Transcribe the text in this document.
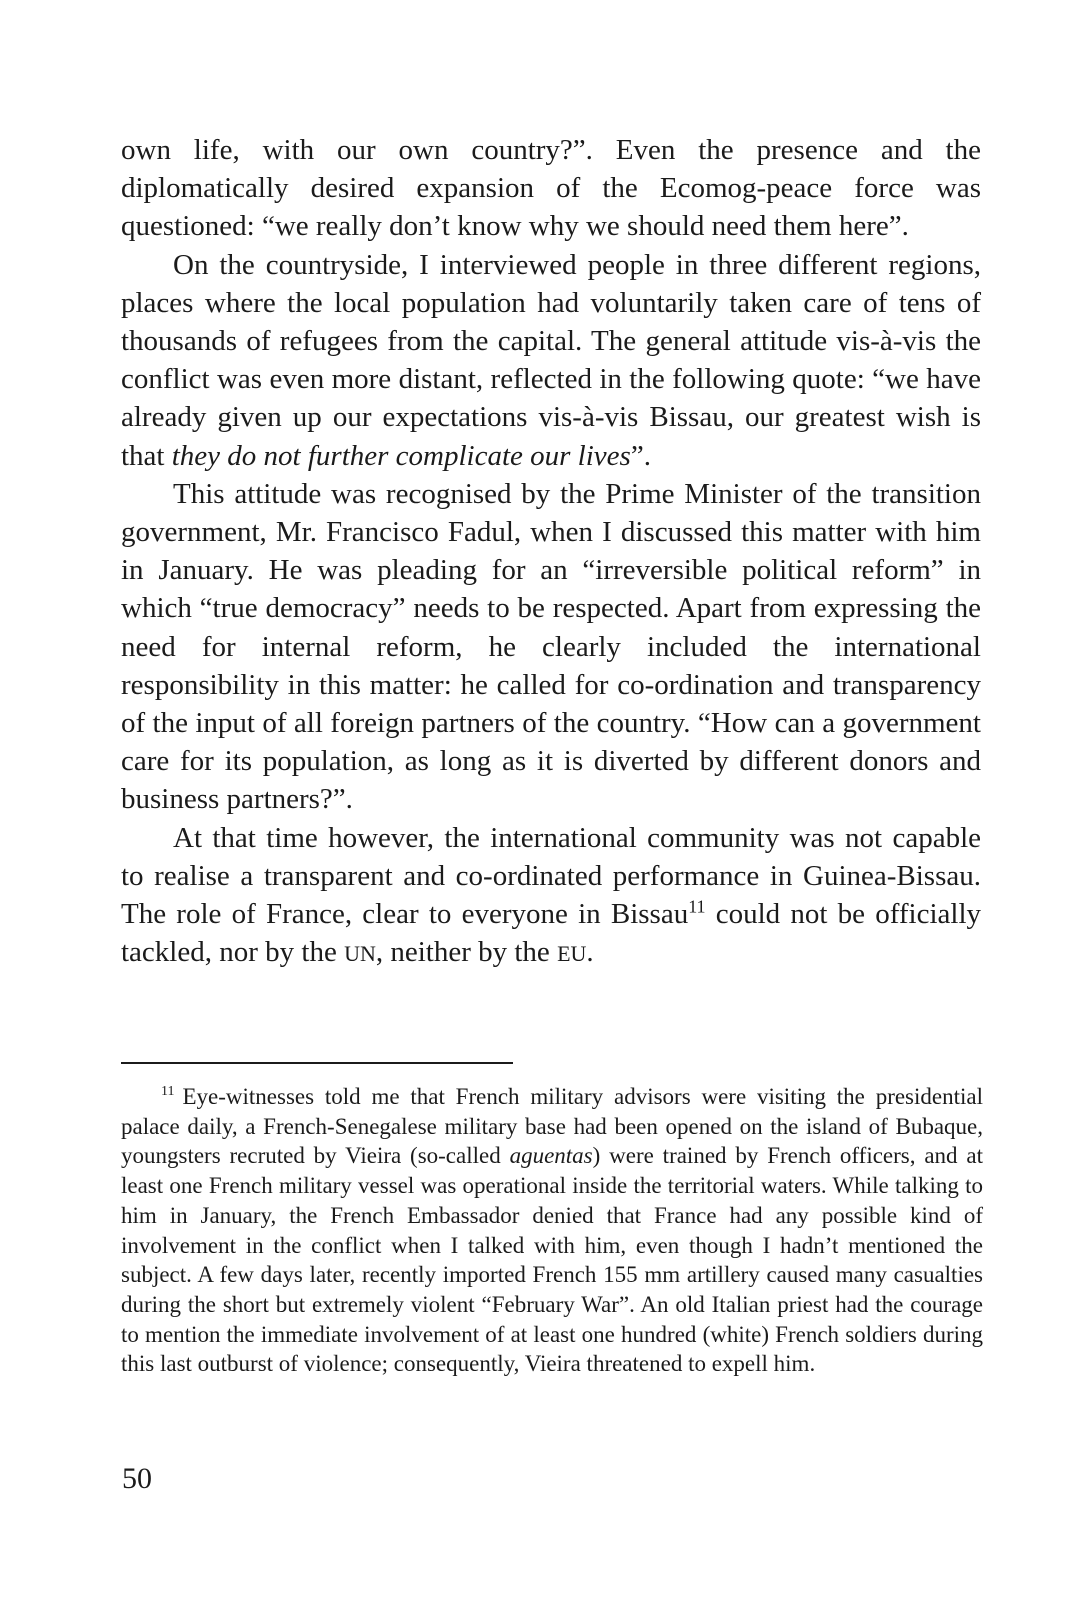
own life, with our own country?”. Even the presence and the diplomatically desired expansion of the Ecomog-peace force was questioned: “we really don’t know why we should need them here”.

On the countryside, I interviewed people in three different regions, places where the local population had voluntarily taken care of tens of thousands of refugees from the capital. The general attitude vis-à-vis the conflict was even more distant, reflected in the following quote: “we have already given up our expectations vis-à-vis Bissau, our greatest wish is that they do not further complicate our lives”.

This attitude was recognised by the Prime Minister of the transition government, Mr. Francisco Fadul, when I discussed this matter with him in January. He was pleading for an “irreversible political reform” in which “true democracy” needs to be respected. Apart from expressing the need for internal reform, he clearly included the international responsibility in this matter: he called for co-ordination and transparency of the input of all foreign partners of the country. “How can a government care for its population, as long as it is diverted by different donors and business partners?”.

At that time however, the international community was not capable to realise a transparent and co-ordinated performance in Guinea-Bissau. The role of France, clear to everyone in Bissau$^{11}$ could not be officially tackled, nor by the UN, neither by the EU.

$^{11}$ Eye-witnesses told me that French military advisors were visiting the presidential palace daily, a French-Senegalese military base had been opened on the island of Bubaque, youngsters recruted by Vieira (so-called aguentas) were trained by French officers, and at least one French military vessel was operational inside the territorial waters. While talking to him in January, the French Embassador denied that France had any possible kind of involvement in the conflict when I talked with him, even though I hadn’t mentioned the subject. A few days later, recently imported French 155 mm artillery caused many casualties during the short but extremely violent “February War”. An old Italian priest had the courage to mention the immediate involvement of at least one hundred (white) French soldiers during this last outburst of violence; consequently, Vieira threatened to expell him.

50
